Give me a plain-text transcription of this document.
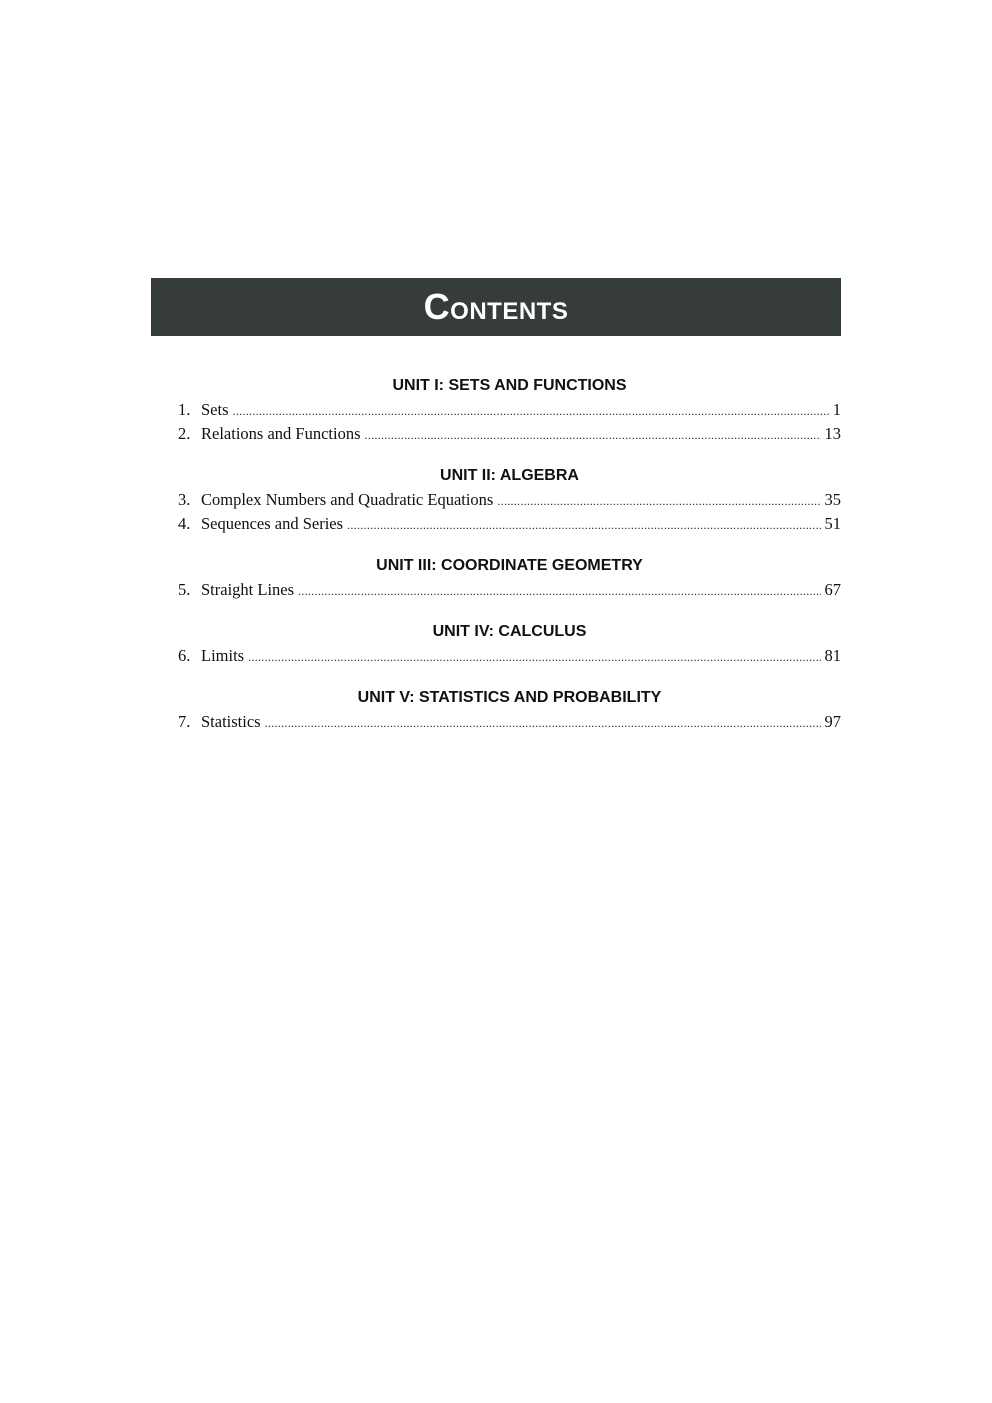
CONTENTS
UNIT I: SETS AND FUNCTIONS
1. Sets .....	1
2. Relations and Functions .....	13
UNIT II: ALGEBRA
3. Complex Numbers and Quadratic Equations .....	35
4. Sequences and Series .....	51
UNIT III: COORDINATE GEOMETRY
5. Straight Lines .....	67
UNIT IV: CALCULUS
6. Limits .....	81
UNIT V: STATISTICS AND PROBABILITY
7. Statistics .....	97
